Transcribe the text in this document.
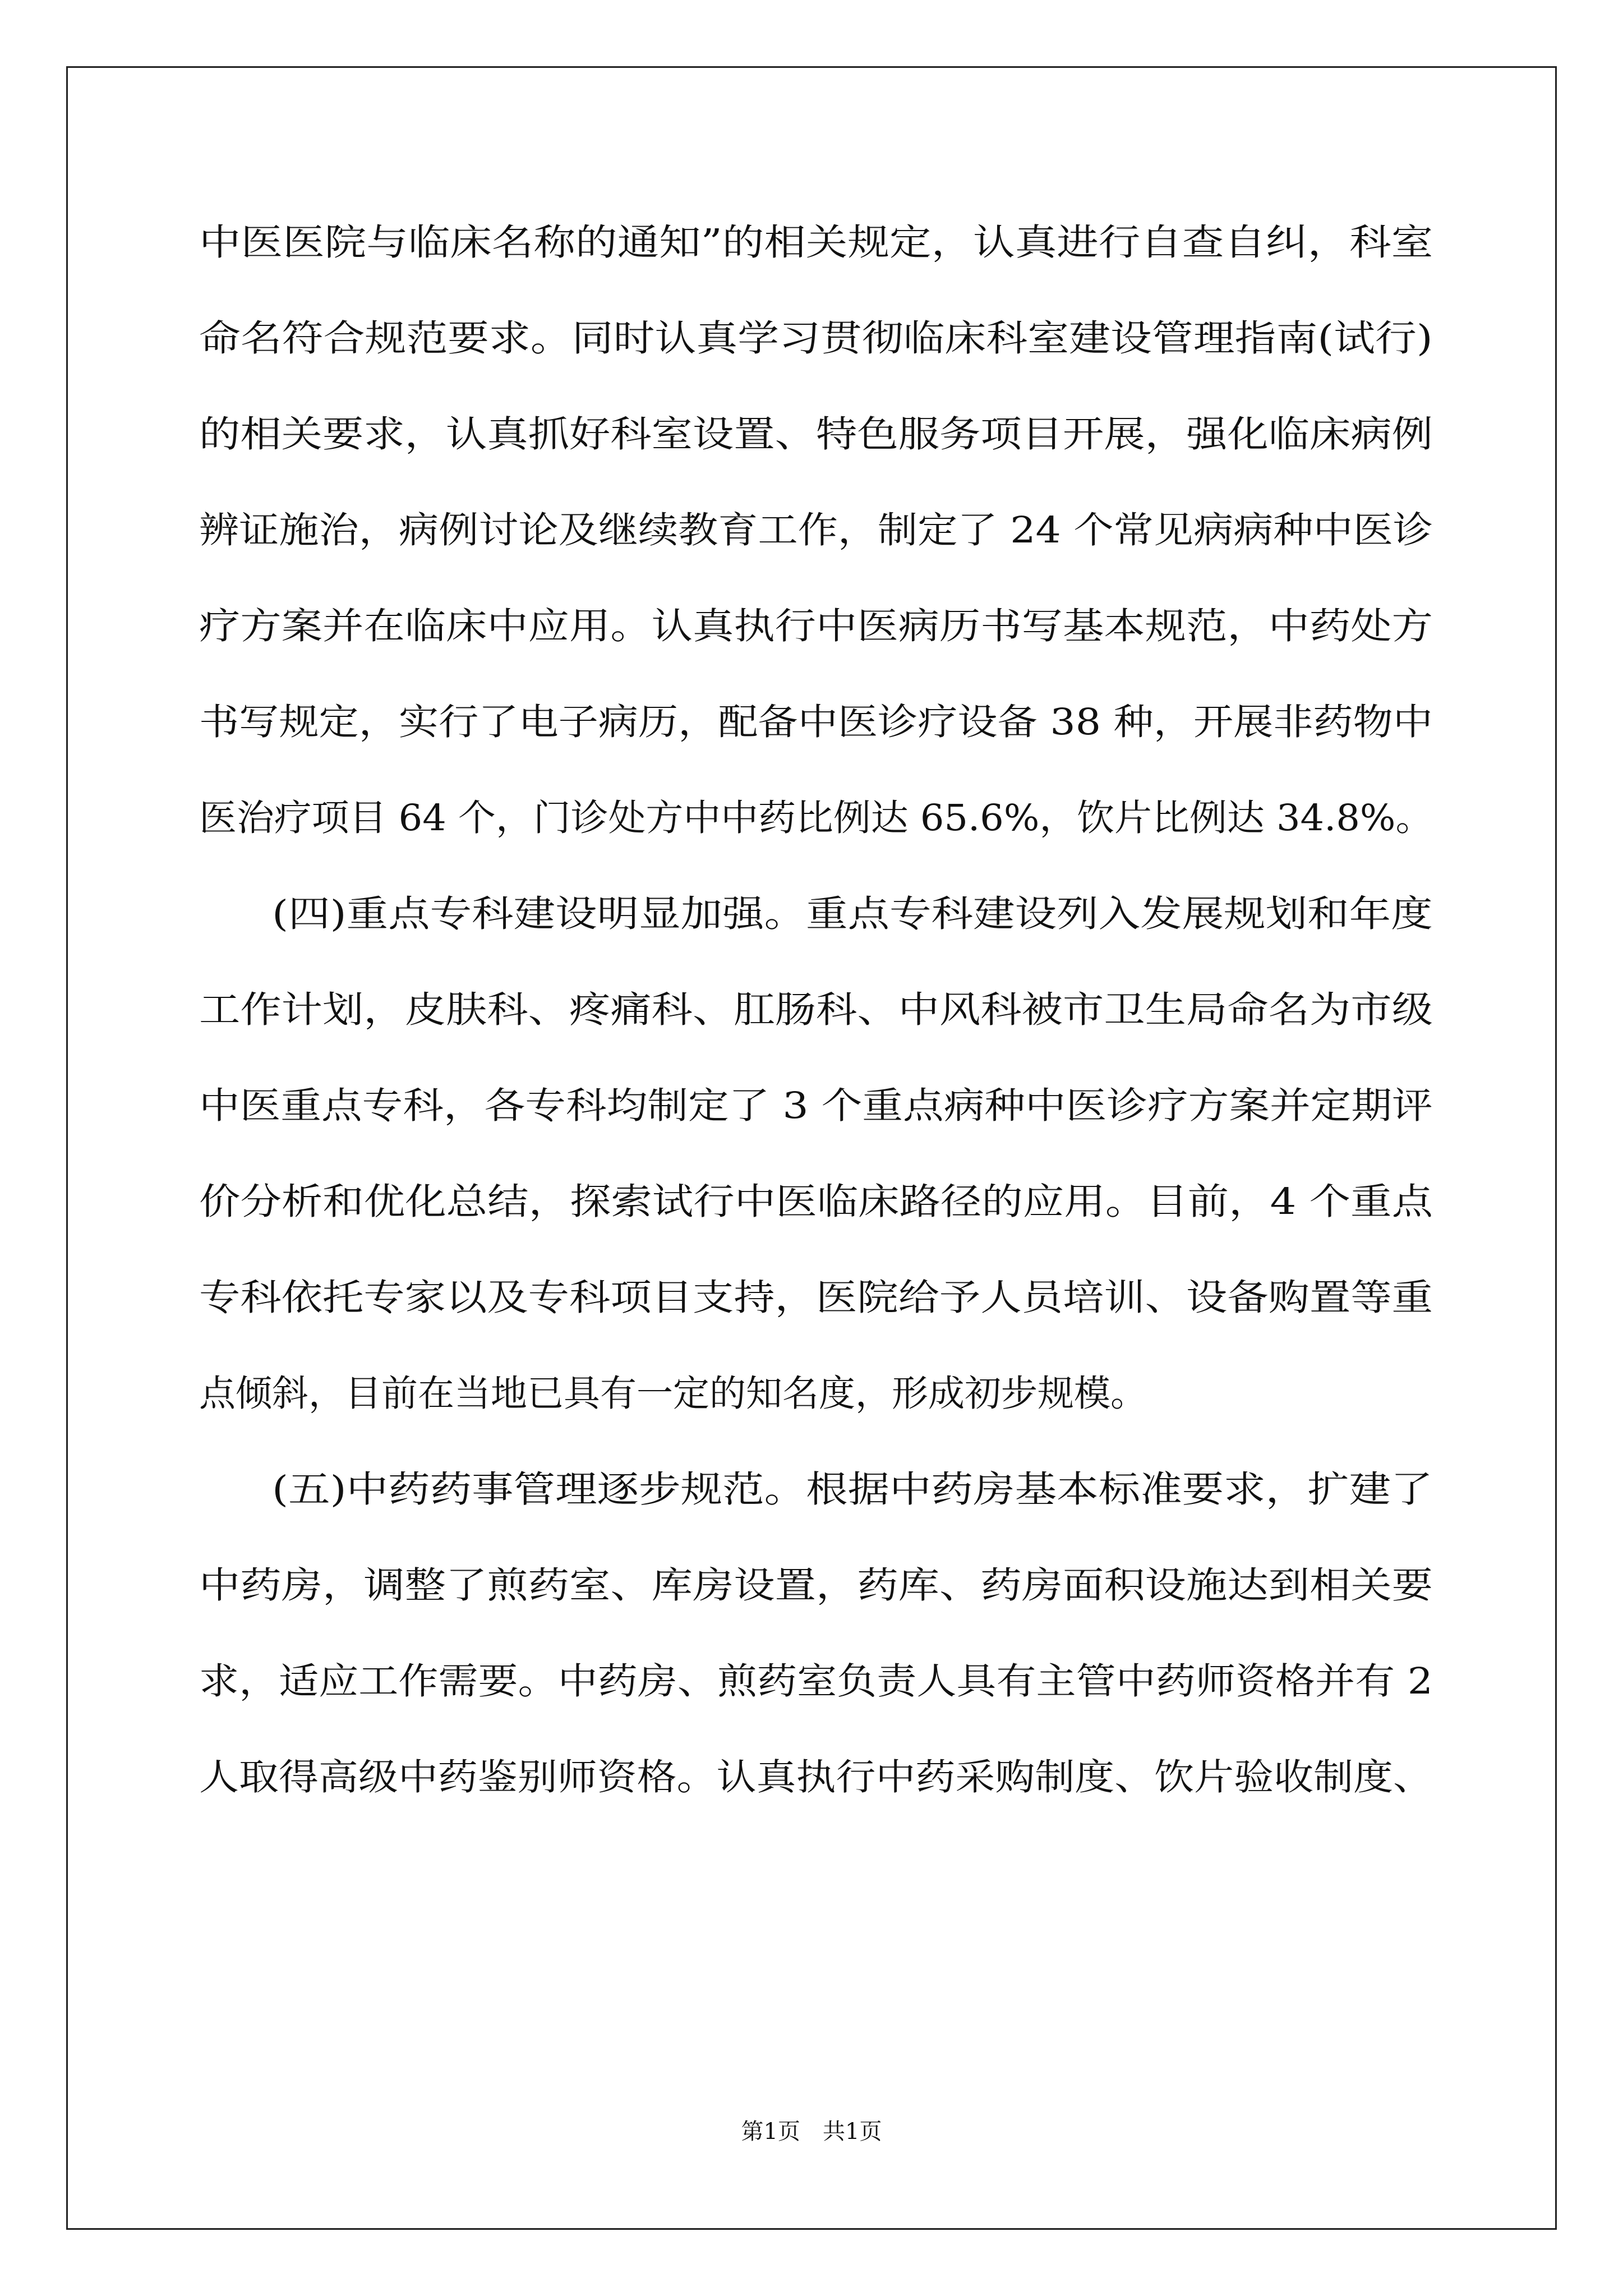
中医医院与临床名称的通知”的相关规定，认真进行自查自纠，科室
命名符合规范要求。同时认真学习贯彻临床科室建设管理指南(试行)
的相关要求，认真抓好科室设置、特色服务项目开展，强化临床病例
辨证施治，病例讨论及继续教育工作，制定了 24 个常见病病种中医诊
疗方案并在临床中应用。认真执行中医病历书写基本规范，中药处方
书写规定，实行了电子病历，配备中医诊疗设备 38 种，开展非药物中
医治疗项目 64 个，门诊处方中中药比例达 65.6%，饮片比例达 34.8%。
(四)重点专科建设明显加强。重点专科建设列入发展规划和年度
工作计划，皮肤科、疼痛科、肛肠科、中风科被市卫生局命名为市级
中医重点专科，各专科均制定了 3 个重点病种中医诊疗方案并定期评
价分析和优化总结，探索试行中医临床路径的应用。目前，4 个重点
专科依托专家以及专科项目支持，医院给予人员培训、设备购置等重
点倾斜，目前在当地已具有一定的知名度，形成初步规模。
(五)中药药事管理逐步规范。根据中药房基本标准要求，扩建了
中药房，调整了煎药室、库房设置，药库、药房面积设施达到相关要
求，适应工作需要。中药房、煎药室负责人具有主管中药师资格并有 2
人取得高级中药鉴别师资格。认真执行中药采购制度、饮片验收制度、
第1页　共1页
